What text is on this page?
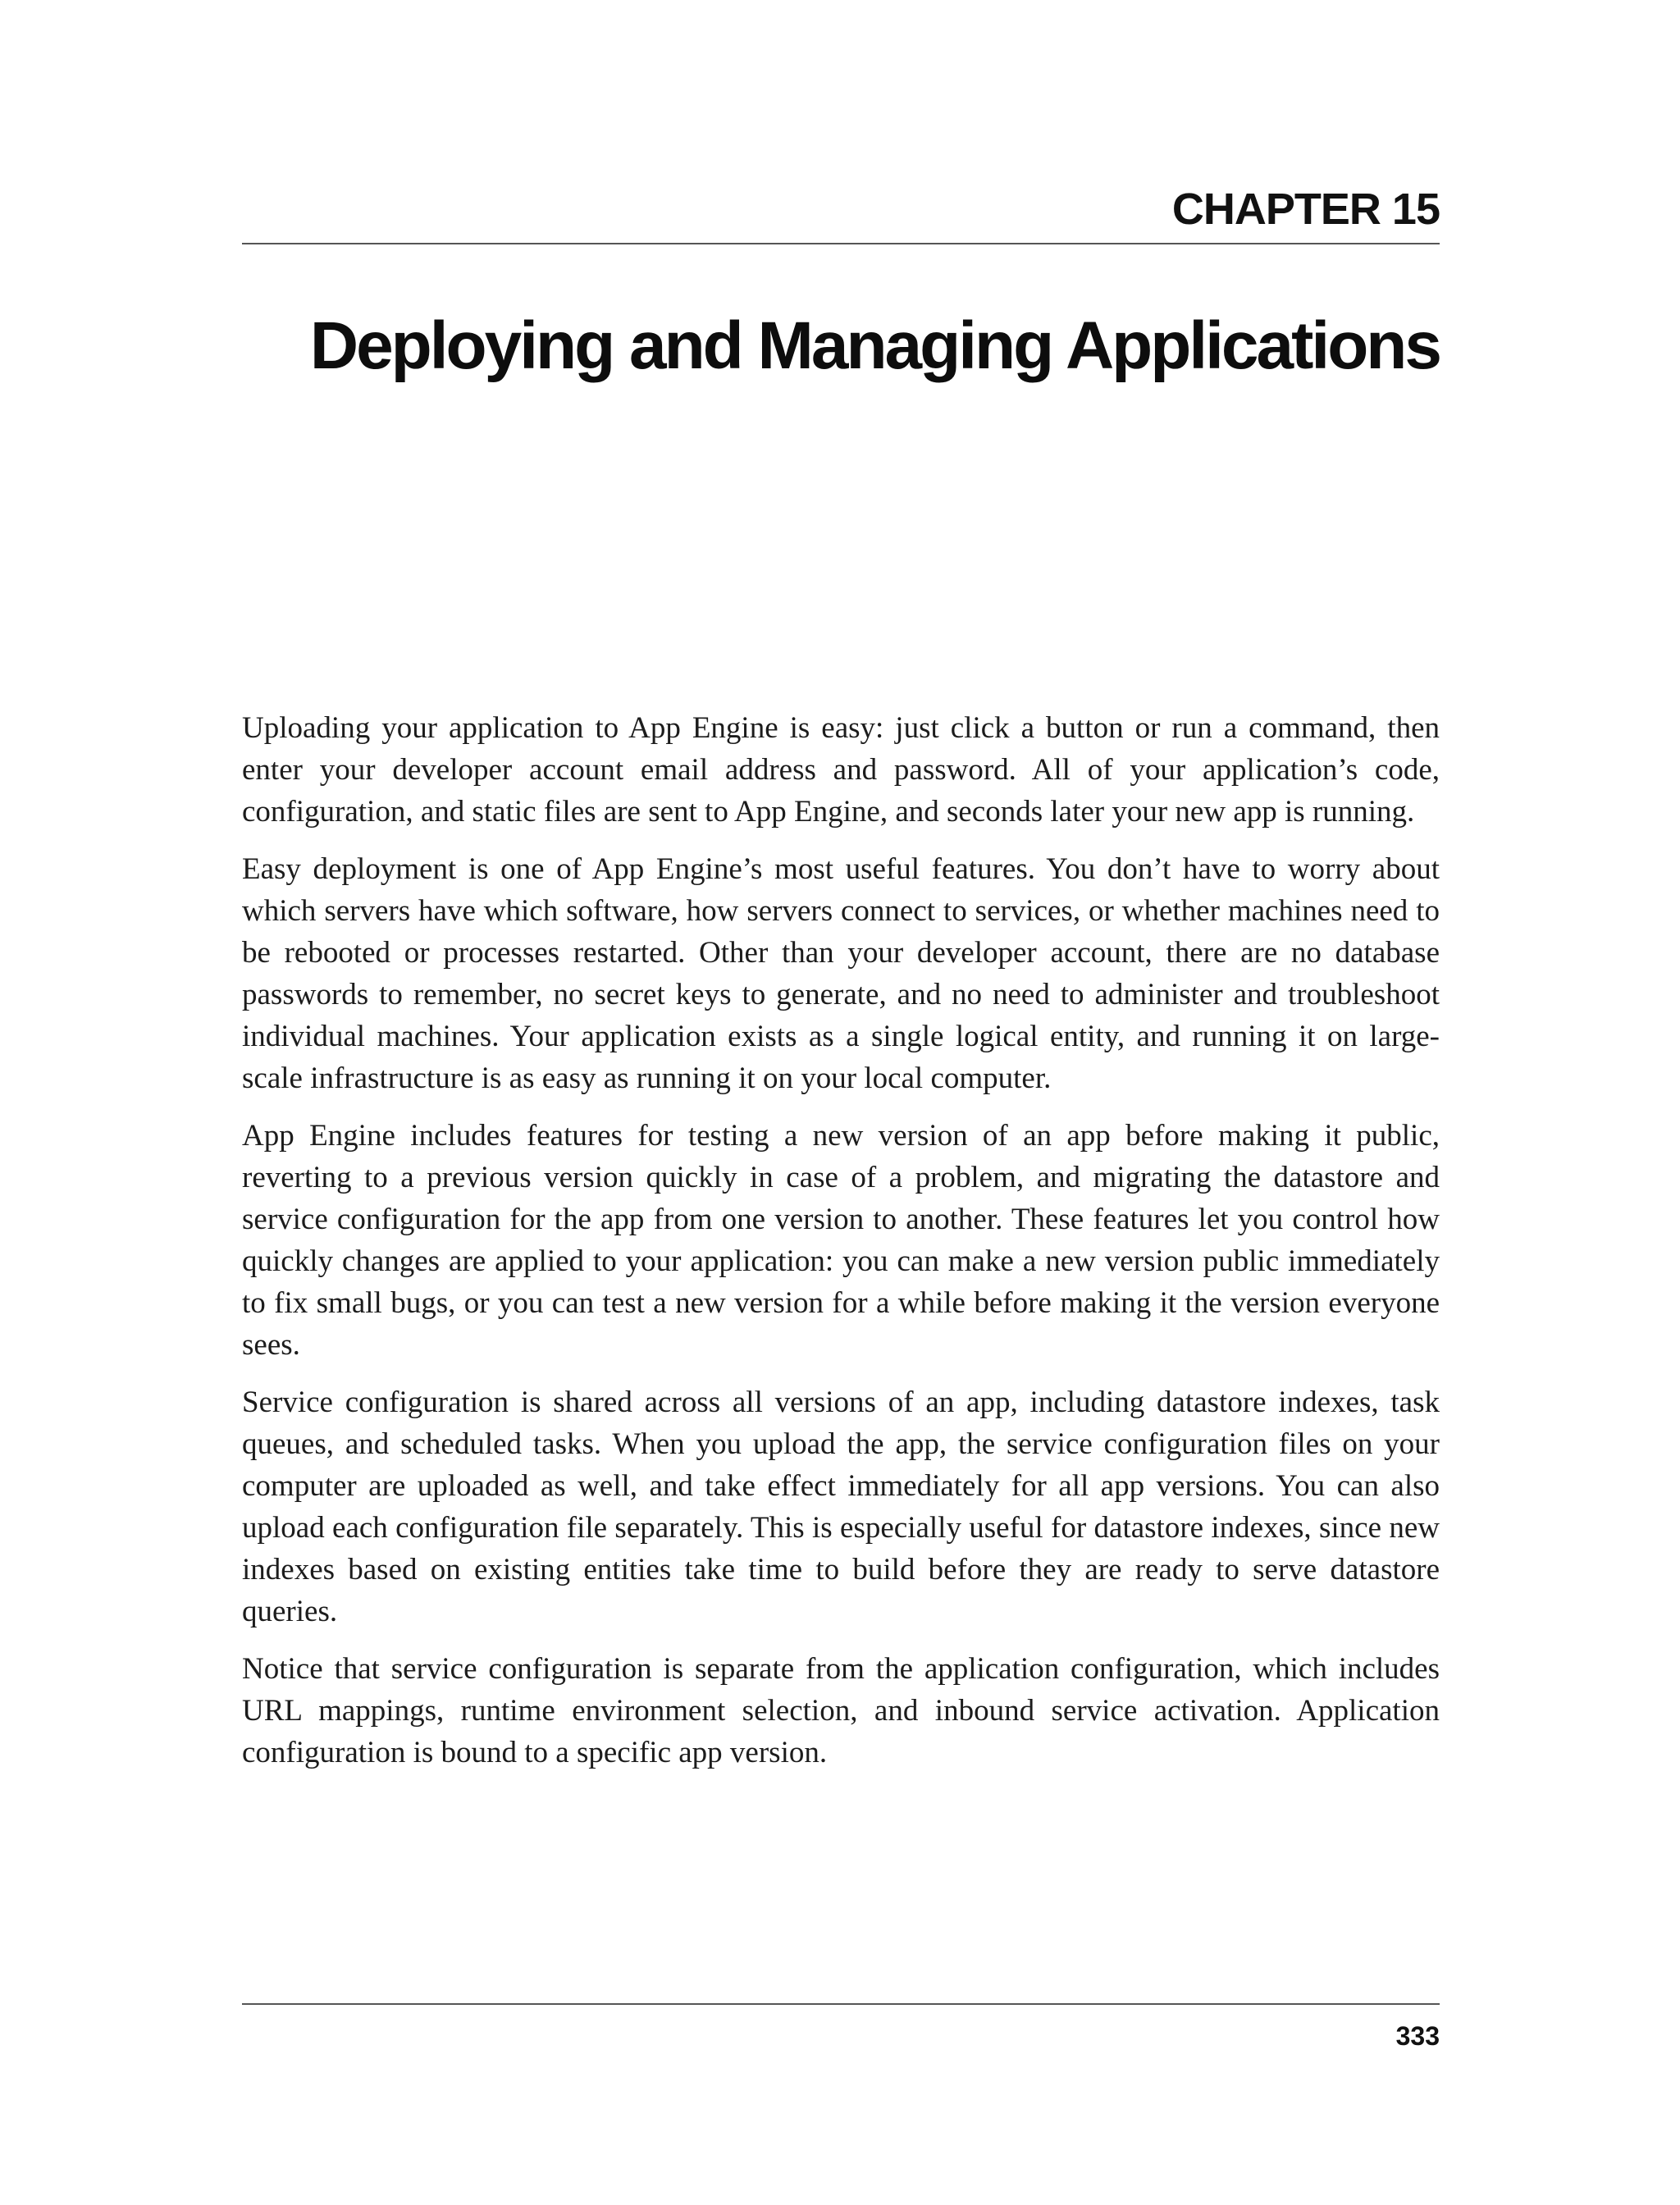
CHAPTER 15
Deploying and Managing Applications

Uploading your application to App Engine is easy: just click a button or run a command, then enter your developer account email address and password. All of your application’s code, configuration, and static files are sent to App Engine, and seconds later your new app is running.

Easy deployment is one of App Engine’s most useful features. You don’t have to worry about which servers have which software, how servers connect to services, or whether machines need to be rebooted or processes restarted. Other than your developer account, there are no database passwords to remember, no secret keys to generate, and no need to administer and troubleshoot individual machines. Your application exists as a single logical entity, and running it on large-scale infrastructure is as easy as running it on your local computer.

App Engine includes features for testing a new version of an app before making it public, reverting to a previous version quickly in case of a problem, and migrating the datastore and service configuration for the app from one version to another. These features let you control how quickly changes are applied to your application: you can make a new version public immediately to fix small bugs, or you can test a new version for a while before making it the version everyone sees.

Service configuration is shared across all versions of an app, including datastore indexes, task queues, and scheduled tasks. When you upload the app, the service configuration files on your computer are uploaded as well, and take effect immediately for all app versions. You can also upload each configuration file separately. This is especially useful for datastore indexes, since new indexes based on existing entities take time to build before they are ready to serve datastore queries.

Notice that service configuration is separate from the application configuration, which includes URL mappings, runtime environment selection, and inbound service activation. Application configuration is bound to a specific app version.

333
